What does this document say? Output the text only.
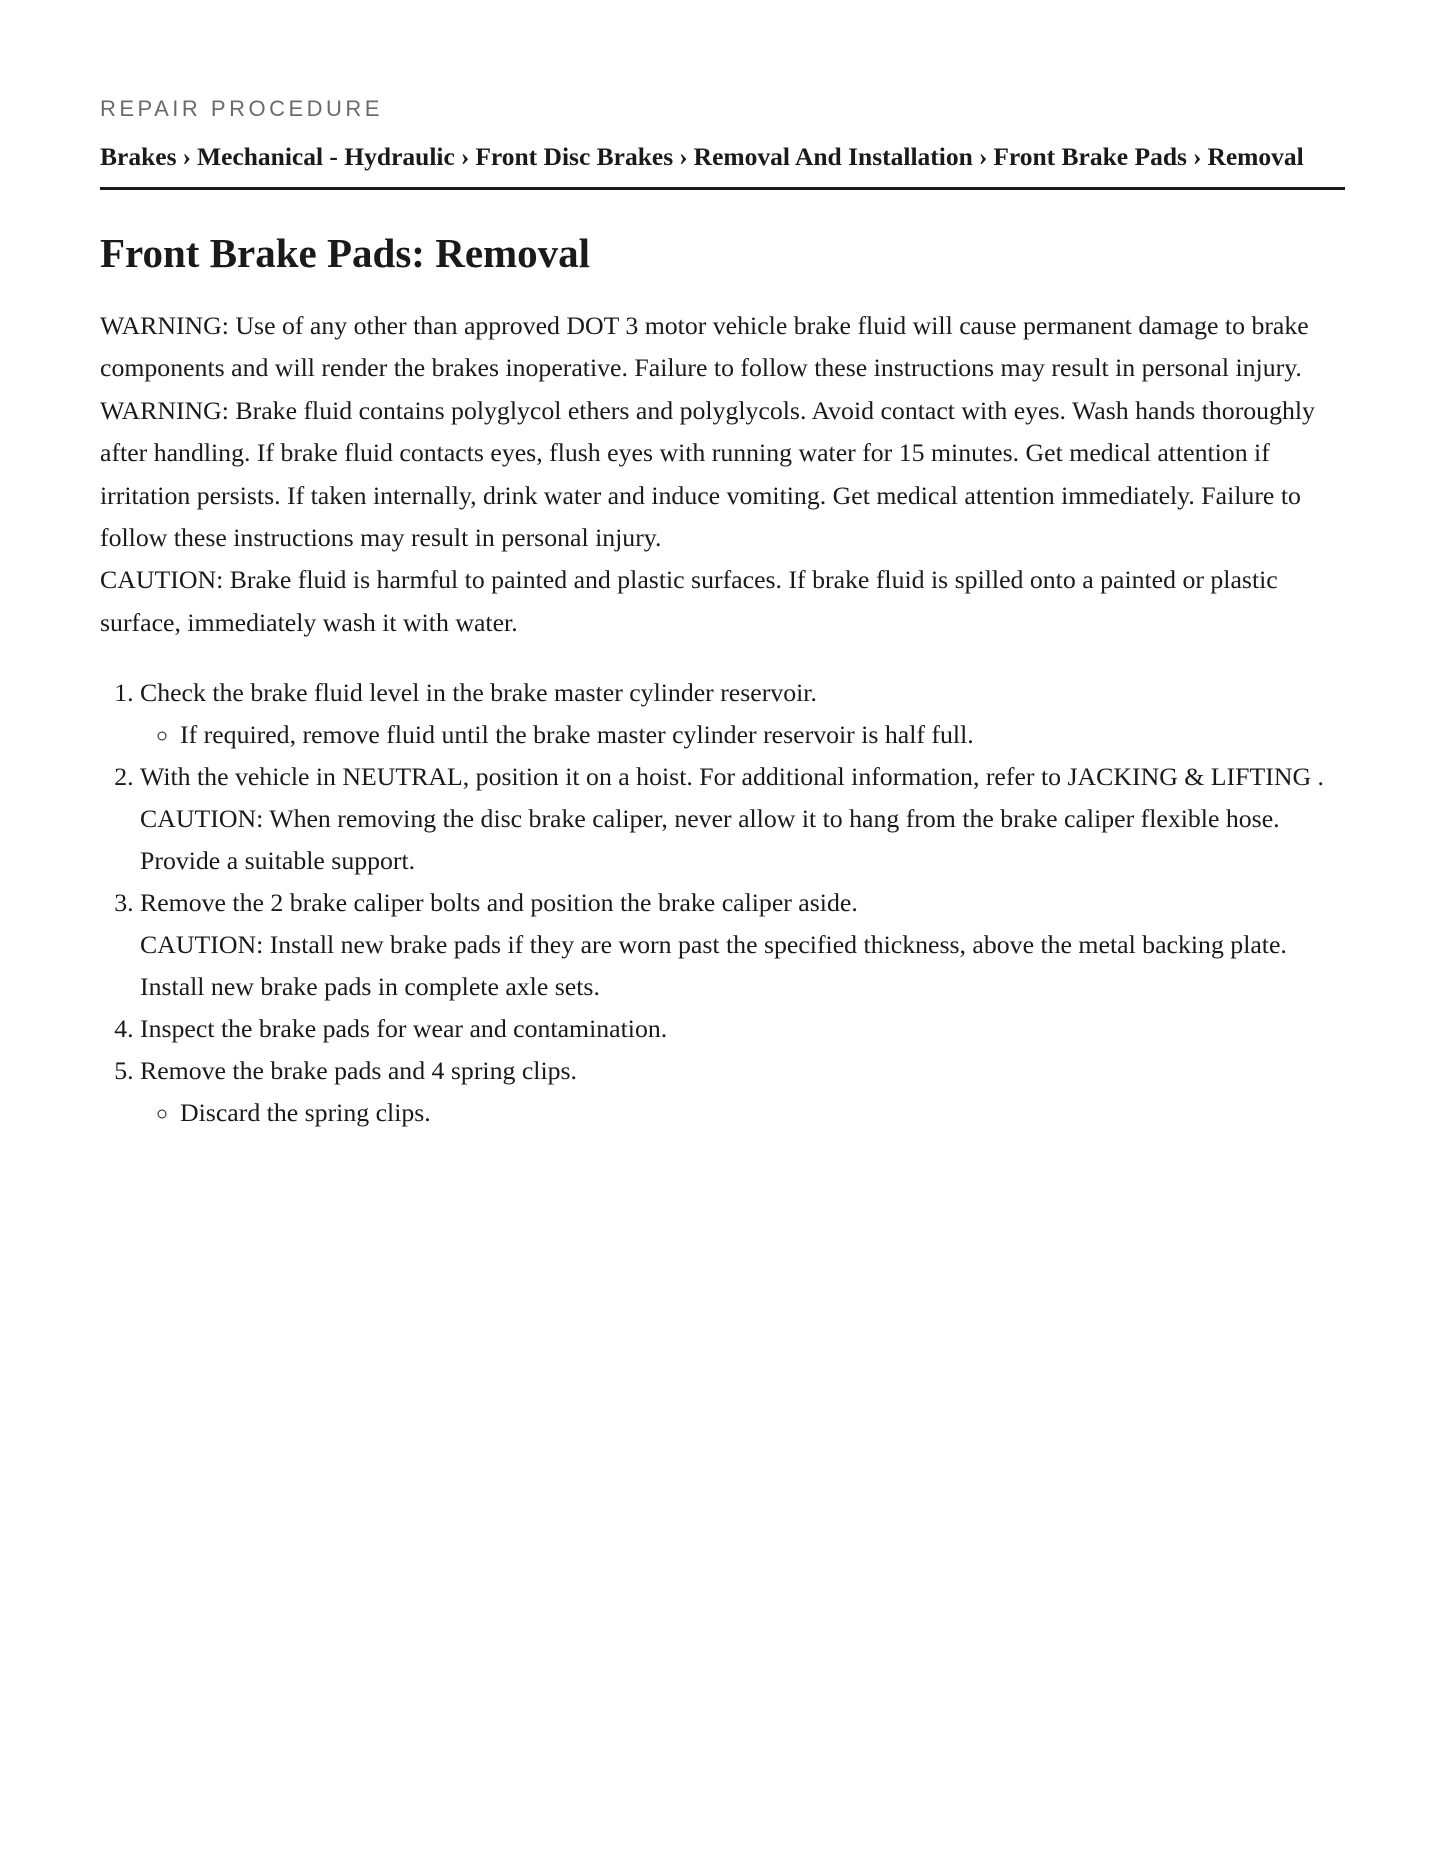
REPAIR PROCEDURE
Brakes › Mechanical - Hydraulic › Front Disc Brakes › Removal And Installation › Front Brake Pads › Removal
Front Brake Pads: Removal

WARNING: Use of any other than approved DOT 3 motor vehicle brake fluid will cause permanent damage to brake components and will render the brakes inoperative. Failure to follow these instructions may result in personal injury.

WARNING: Brake fluid contains polyglycol ethers and polyglycols. Avoid contact with eyes. Wash hands thoroughly after handling. If brake fluid contacts eyes, flush eyes with running water for 15 minutes. Get medical attention if irritation persists. If taken internally, drink water and induce vomiting. Get medical attention immediately. Failure to follow these instructions may result in personal injury.

CAUTION: Brake fluid is harmful to painted and plastic surfaces. If brake fluid is spilled onto a painted or plastic surface, immediately wash it with water.

1. Check the brake fluid level in the brake master cylinder reservoir.
◦ If required, remove fluid until the brake master cylinder reservoir is half full.
2. With the vehicle in NEUTRAL, position it on a hoist. For additional information, refer to JACKING & LIFTING .

CAUTION: When removing the disc brake caliper, never allow it to hang from the brake caliper flexible hose. Provide a suitable support.

3. Remove the 2 brake caliper bolts and position the brake caliper aside.

CAUTION: Install new brake pads if they are worn past the specified thickness, above the metal backing plate. Install new brake pads in complete axle sets.

4. Inspect the brake pads for wear and contamination.
5. Remove the brake pads and 4 spring clips.
◦ Discard the spring clips.
